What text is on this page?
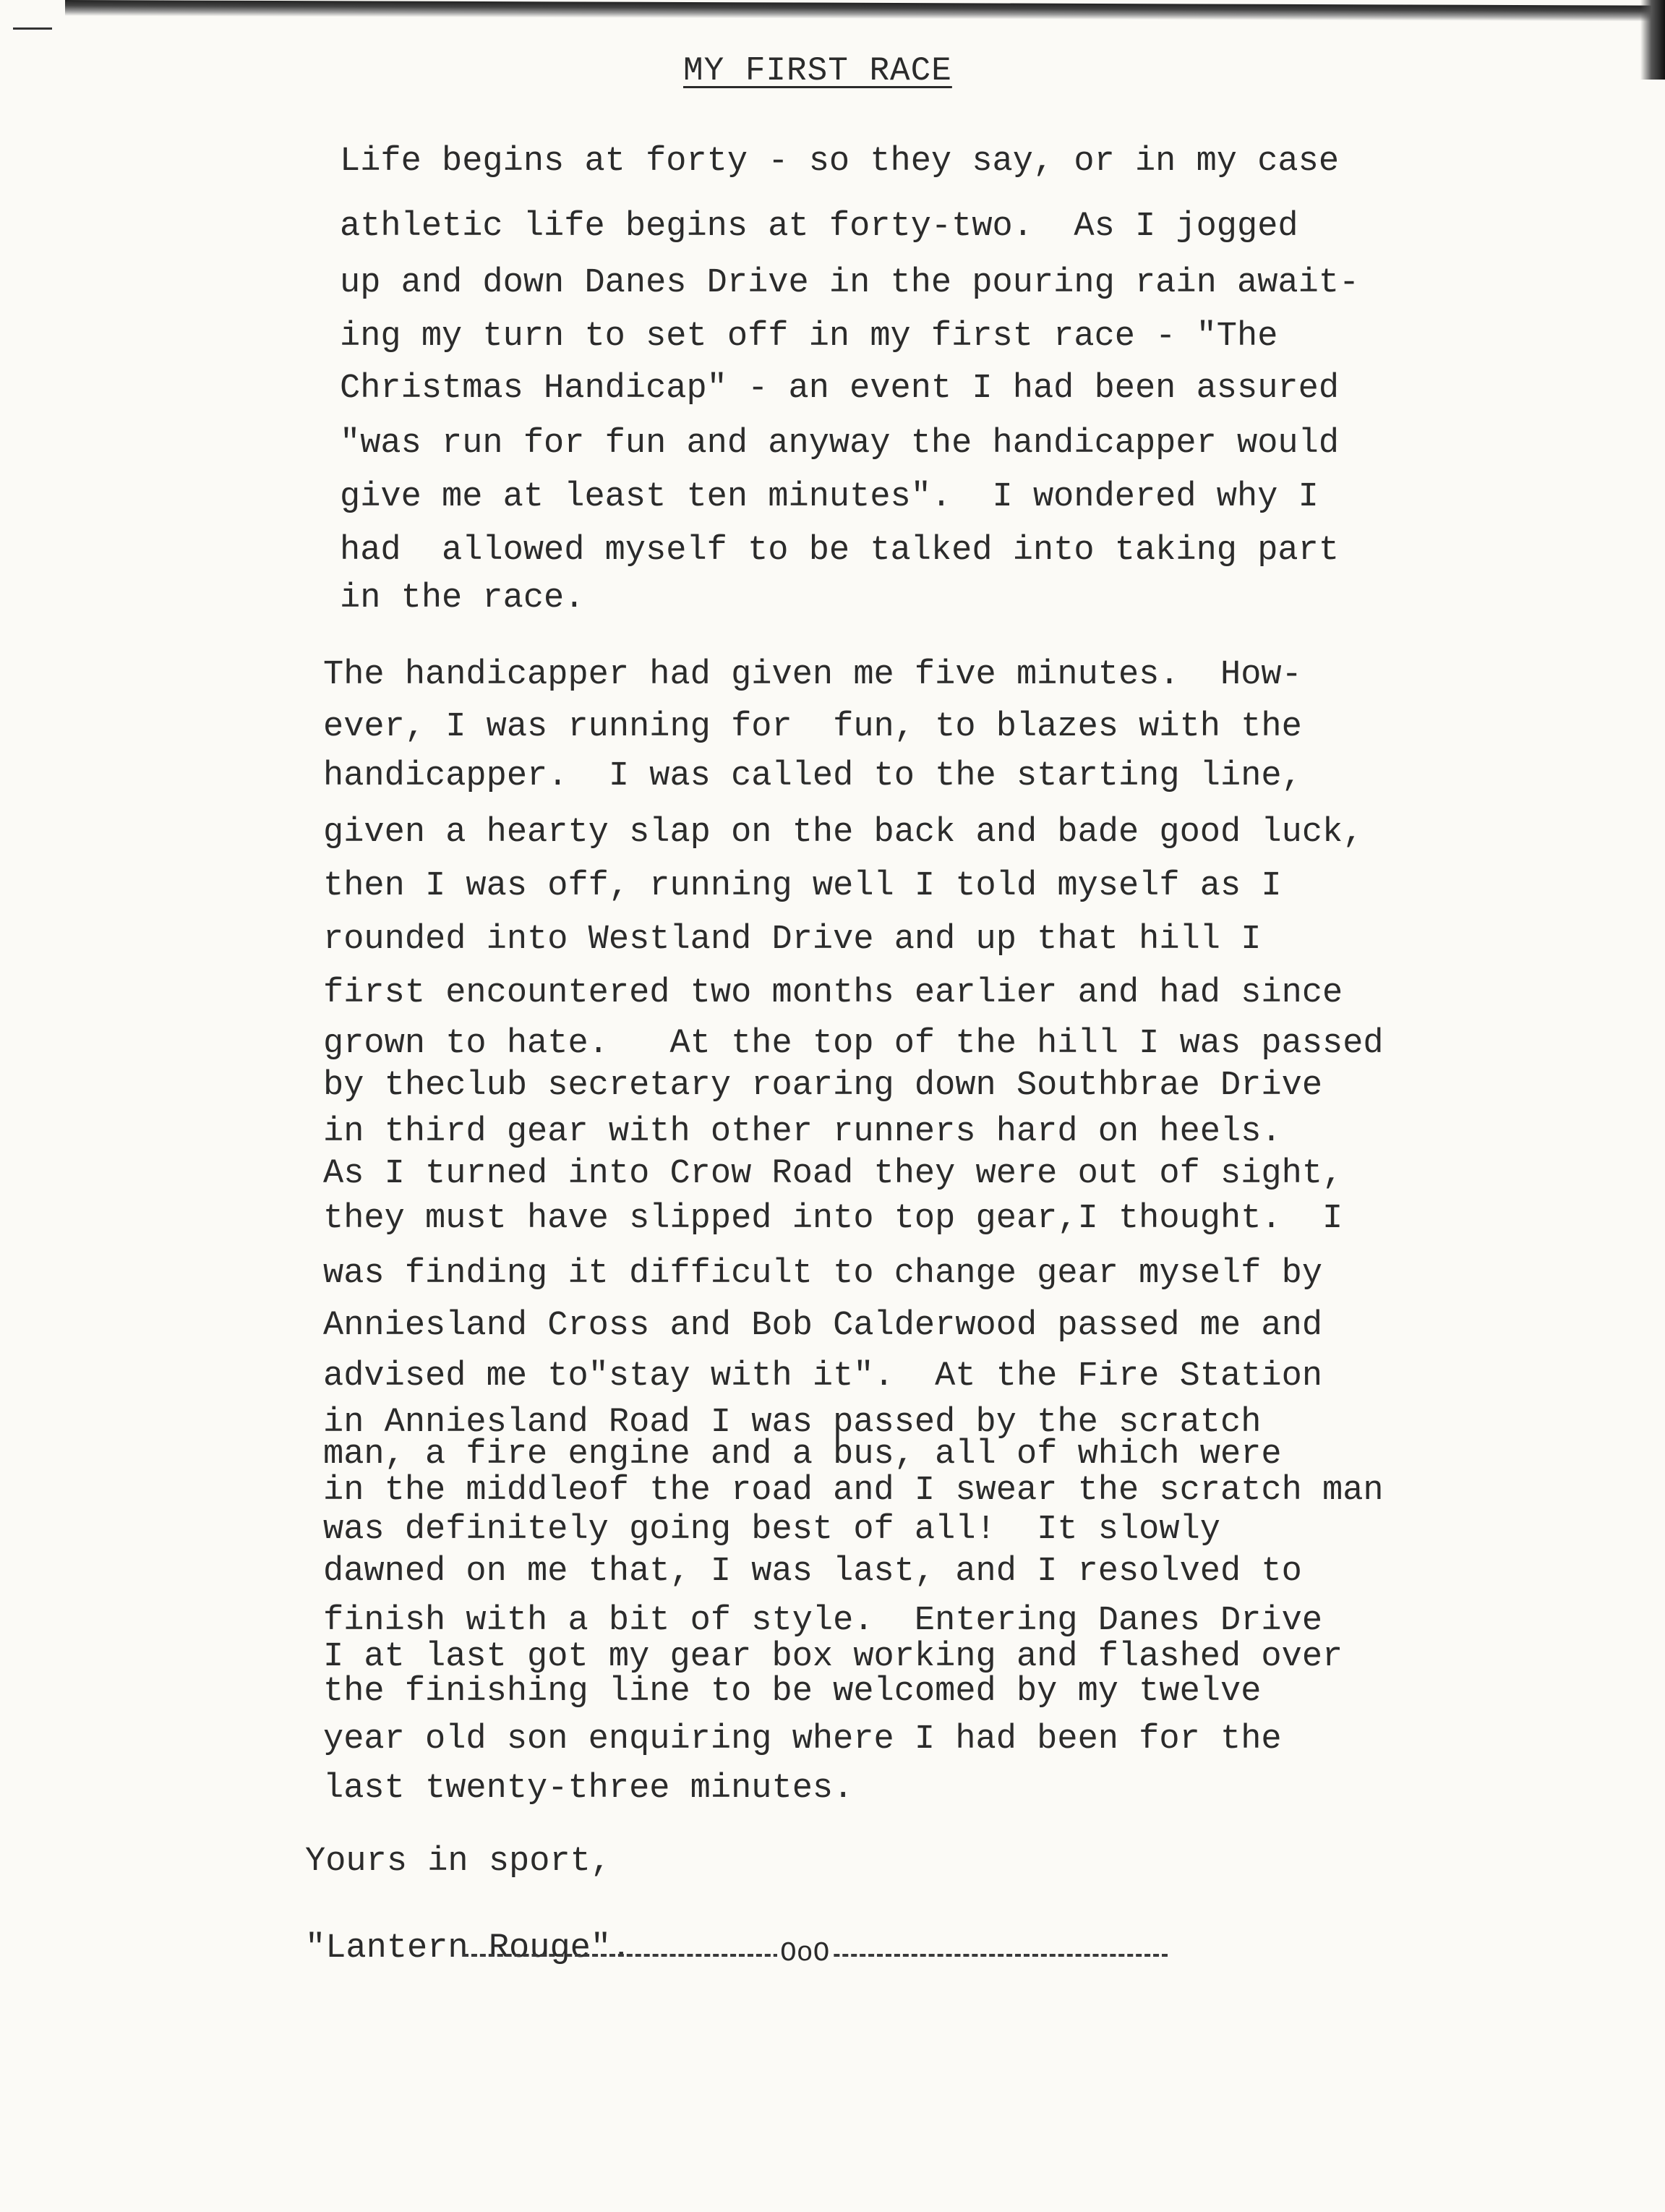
MY FIRST RACE

Life begins at forty - so they say, or in my case

athletic life begins at forty-two.  As I jogged

up and down Danes Drive in the pouring rain await-

ing my turn to set off in my first race - "The

Christmas Handicap" - an event I had been assured

"was run for fun and anyway the handicapper would

give me at least ten minutes".  I wondered why I

had  allowed myself to be talked into taking part

in the race.

The handicapper had given me five minutes.  How-

ever, I was running for  fun, to blazes with the

handicapper.  I was called to the starting line,

given a hearty slap on the back and bade good luck,

then I was off, running well I told myself as I

rounded into Westland Drive and up that hill I

first encountered two months earlier and had since

grown to hate.   At the top of the hill I was passed

by theclub secretary roaring down Southbrae Drive

in third gear with other runners hard on heels.

As I turned into Crow Road they were out of sight,

they must have slipped into top gear,I thought.  I

was finding it difficult to change gear myself by

Anniesland Cross and Bob Calderwood passed me and

advised me to"stay with it".  At the Fire Station

in Anniesland Road I was passed by the scratch

man, a fire engine and a bus, all of which were

in the middleof the road and I swear the scratch man

was definitely going best of all!  It slowly

dawned on me that, I was last, and I resolved to

finish with a bit of style.  Entering Danes Drive

I at last got my gear box working and flashed over

the finishing line to be welcomed by my twelve

year old son enquiring where I had been for the

last twenty-three minutes.

Yours in sport,
"Lantern Rouge".	OoO
